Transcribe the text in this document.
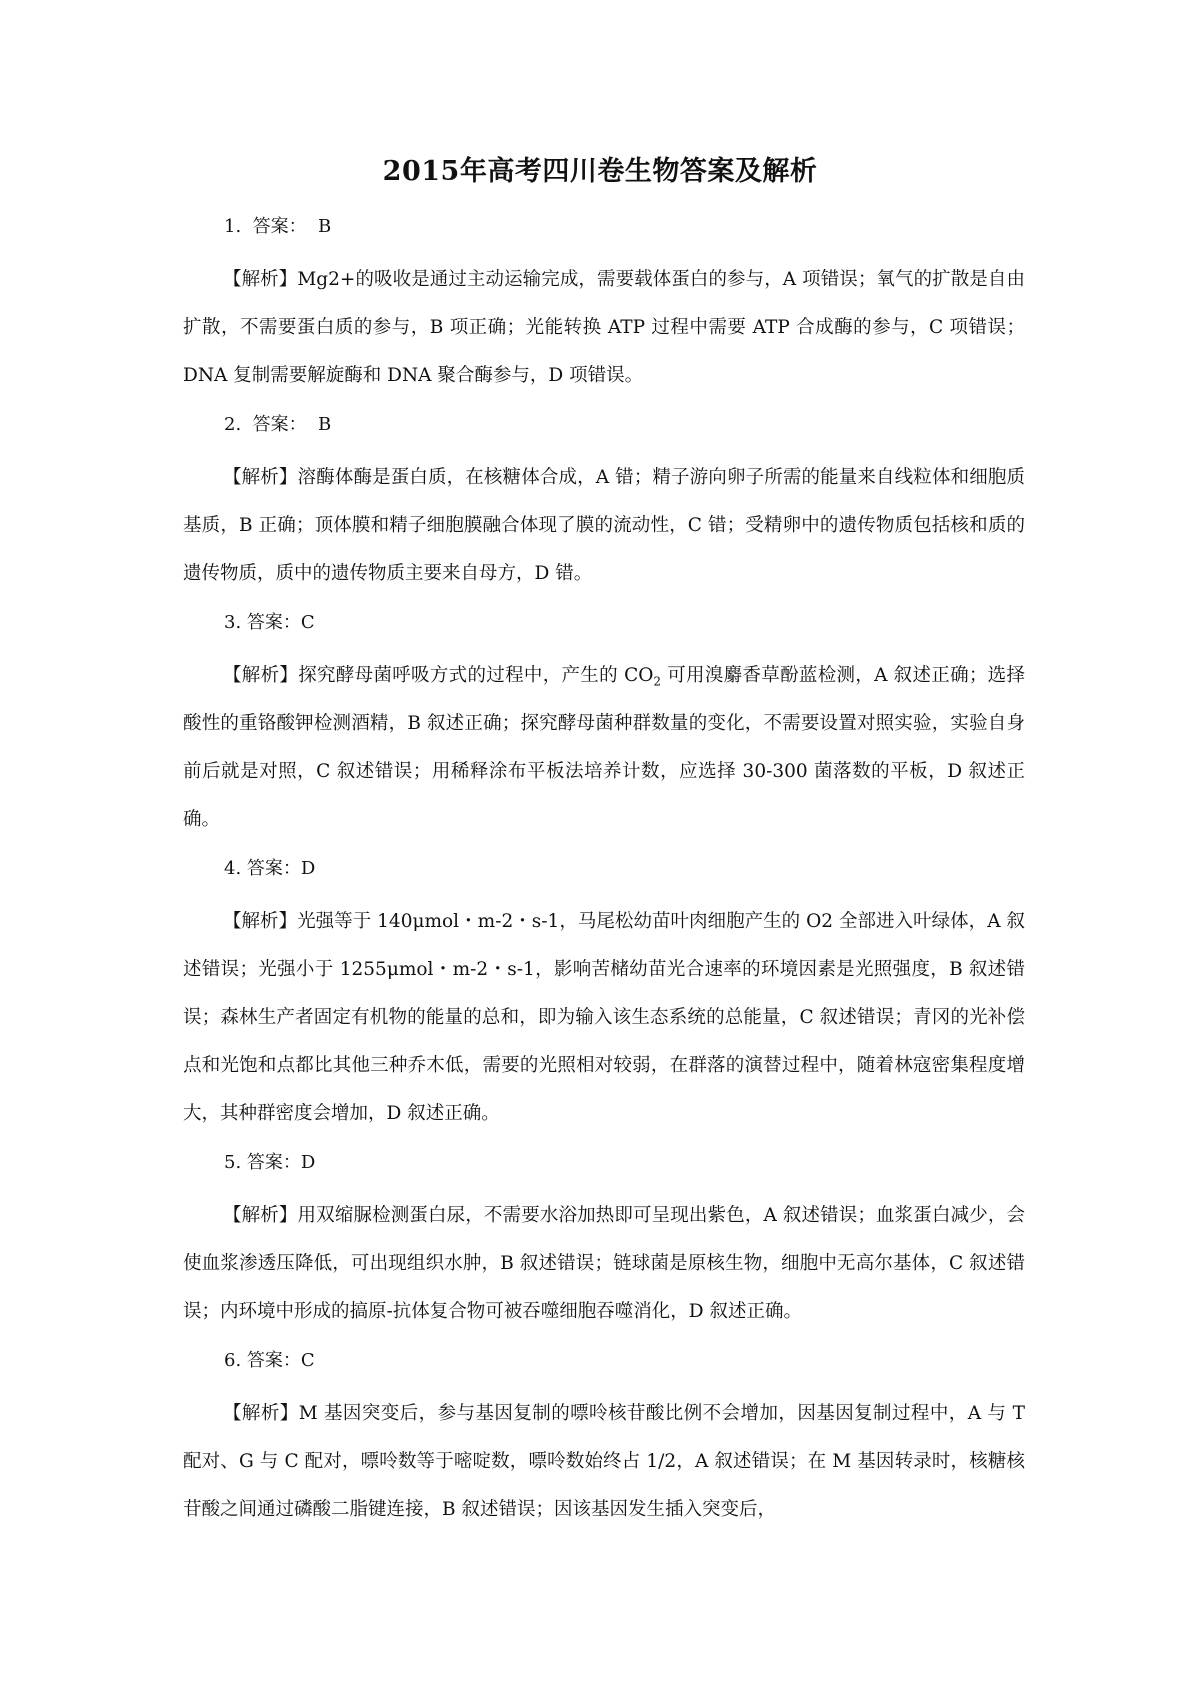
2015年高考四川卷生物答案及解析
1.  答案：  B

【解析】Mg2+的吸收是通过主动运输完成，需要载体蛋白的参与，A 项错误；氧气的扩散是自由扩散，不需要蛋白质的参与，B 项正确；光能转换 ATP 过程中需要 ATP 合成酶的参与，C 项错误；DNA 复制需要解旋酶和 DNA 聚合酶参与，D 项错误。

2.  答案：  B

【解析】溶酶体酶是蛋白质，在核糖体合成，A 错；精子游向卵子所需的能量来自线粒体和细胞质基质，B 正确；顶体膜和精子细胞膜融合体现了膜的流动性，C 错；受精卵中的遗传物质包括核和质的遗传物质，质中的遗传物质主要来自母方，D 错。

3. 答案：C

【解析】探究酵母菌呼吸方式的过程中，产生的 $CO_2$ 可用溴麝香草酚蓝检测，A 叙述正确；选择酸性的重铬酸钾检测酒精，B 叙述正确；探究酵母菌种群数量的变化，不需要设置对照实验，实验自身前后就是对照，C 叙述错误；用稀释涂布平板法培养计数，应选择 30-300 菌落数的平板，D 叙述正确。

4. 答案：D

【解析】光强等于 140μmol・m-2・s-1，马尾松幼苗叶肉细胞产生的 O2 全部进入叶绿体，A 叙述错误；光强小于 1255μmol・m-2・s-1，影响苦槠幼苗光合速率的环境因素是光照强度，B 叙述错误；森林生产者固定有机物的能量的总和，即为输入该生态系统的总能量，C 叙述错误；青冈的光补偿点和光饱和点都比其他三种乔木低，需要的光照相对较弱，在群落的演替过程中，随着林寇密集程度增大，其种群密度会增加，D 叙述正确。

5. 答案：D

【解析】用双缩脲检测蛋白尿，不需要水浴加热即可呈现出紫色，A 叙述错误；血浆蛋白减少，会使血浆渗透压降低，可出现组织水肿，B 叙述错误；链球菌是原核生物，细胞中无高尔基体，C 叙述错误；内环境中形成的搞原-抗体复合物可被吞噬细胞吞噬消化，D 叙述正确。

6. 答案：C

【解析】M 基因突变后，参与基因复制的嘌呤核苷酸比例不会增加，因基因复制过程中，A 与 T 配对、G 与 C 配对，嘌呤数等于嘧啶数，嘌呤数始终占 1/2，A 叙述错误；在 M 基因转录时，核糖核苷酸之间通过磷酸二脂键连接，B 叙述错误；因该基因发生插入突变后，
